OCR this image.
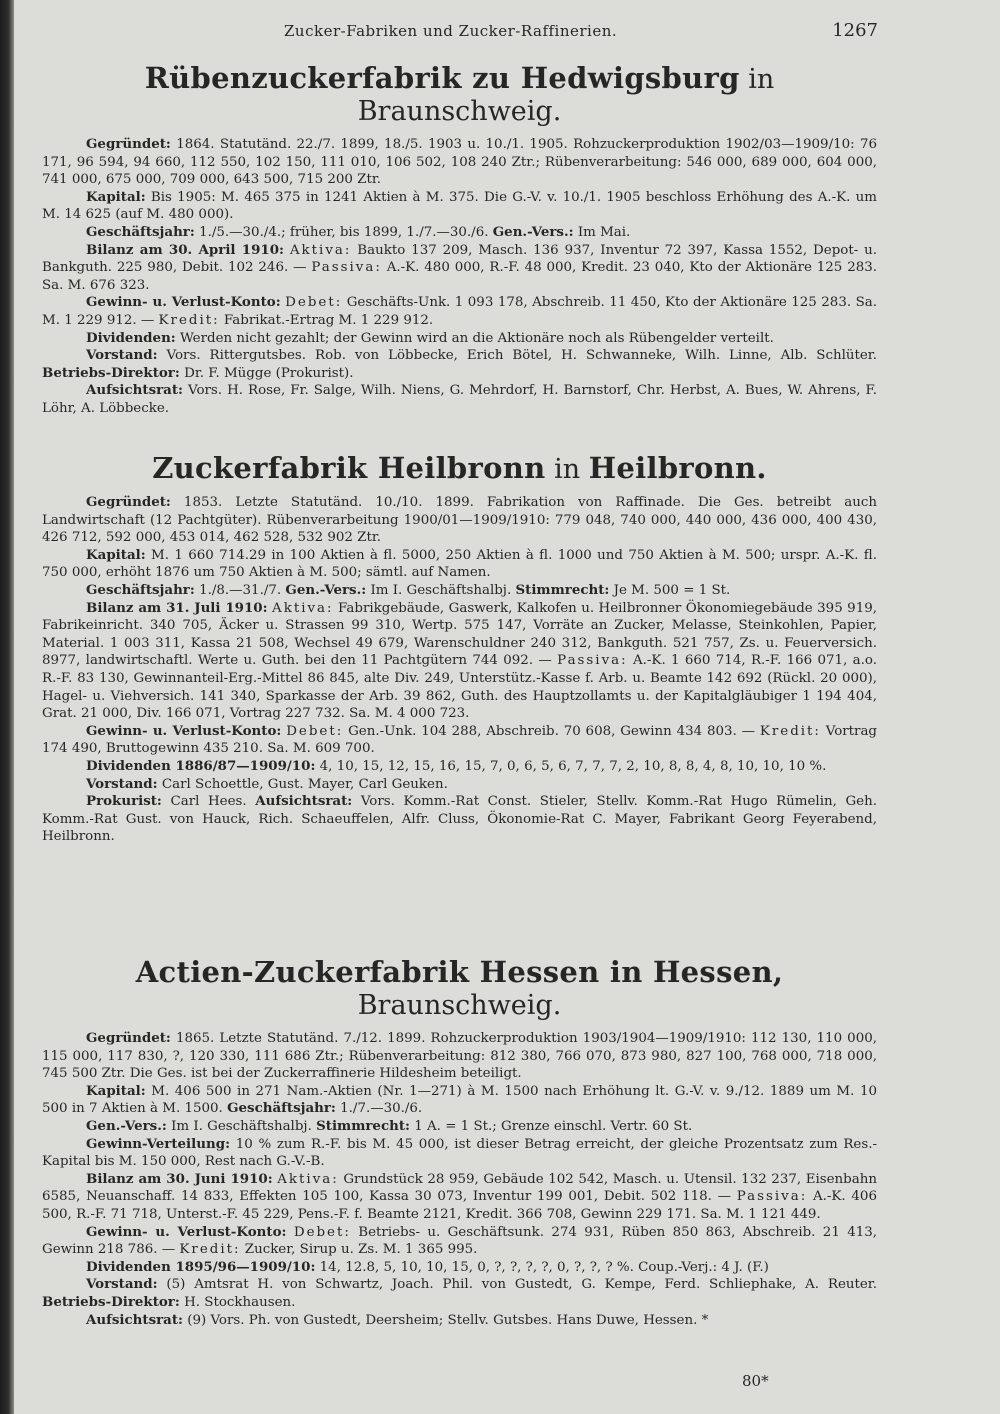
Zucker-Fabriken und Zucker-Raffinerien.	1267
Rübenzuckerfabrik zu Hedwigsburg in Braunschweig.

Gegründet: 1864. Statutänd. 22./7. 1899, 18./5. 1903 u. 10./1. 1905. Rohzuckerproduktion 1902/03—1909/10: 76 171, 96 594, 94 660, 112 550, 102 150, 111 010, 106 502, 108 240 Ztr.; Rübenverarbeitung: 546 000, 689 000, 604 000, 741 000, 675 000, 709 000, 643 500, 715 200 Ztr.

Kapital: Bis 1905: M. 465 375 in 1241 Aktien à M. 375. Die G.-V. v. 10./1. 1905 beschloss Erhöhung des A.-K. um M. 14 625 (auf M. 480 000).

Geschäftsjahr: 1./5.—30./4.; früher, bis 1899, 1./7.—30./6. Gen.-Vers.: Im Mai.

Bilanz am 30. April 1910: Aktiva: Baukto 137 209, Masch. 136 937, Inventur 72 397, Kassa 1552, Depot- u. Bankguth. 225 980, Debit. 102 246. — Passiva: A.-K. 480 000, R.-F. 48 000, Kredit. 23 040, Kto der Aktionäre 125 283. Sa. M. 676 323.

Gewinn- u. Verlust-Konto: Debet: Geschäfts-Unk. 1 093 178, Abschreib. 11 450, Kto der Aktionäre 125 283. Sa. M. 1 229 912. — Kredit: Fabrikat.-Ertrag M. 1 229 912.

Dividenden: Werden nicht gezahlt; der Gewinn wird an die Aktionäre noch als Rübengelder verteilt.

Vorstand: Vors. Rittergutsbes. Rob. von Löbbecke, Erich Bötel, H. Schwanneke, Wilh. Linne, Alb. Schlüter. Betriebs-Direktor: Dr. F. Mügge (Prokurist).

Aufsichtsrat: Vors. H. Rose, Fr. Salge, Wilh. Niens, G. Mehrdorf, H. Barnstorf, Chr. Herbst, A. Bues, W. Ahrens, F. Löhr, A. Löbbecke.

Zuckerfabrik Heilbronn in Heilbronn.

Gegründet: 1853. Letzte Statutänd. 10./10. 1899. Fabrikation von Raffinade. Die Ges. betreibt auch Landwirtschaft (12 Pachtgüter). Rübenverarbeitung 1900/01—1909/1910: 779 048, 740 000, 440 000, 436 000, 400 430, 426 712, 592 000, 453 014, 462 528, 532 902 Ztr.

Kapital: M. 1 660 714.29 in 100 Aktien à fl. 5000, 250 Aktien à fl. 1000 und 750 Aktien à M. 500; urspr. A.-K. fl. 750 000, erhöht 1876 um 750 Aktien à M. 500; sämtl. auf Namen.

Geschäftsjahr: 1./8.—31./7. Gen.-Vers.: Im I. Geschäftshalbj. Stimmrecht: Je M. 500 = 1 St.

Bilanz am 31. Juli 1910: Aktiva: Fabrikgebäude, Gaswerk, Kalkofen u. Heilbronner Ökonomiegebäude 395 919, Fabrikeinricht. 340 705, Äcker u. Strassen 99 310, Wertp. 575 147, Vorräte an Zucker, Melasse, Steinkohlen, Papier, Material. 1 003 311, Kassa 21 508, Wechsel 49 679, Warenschuldner 240 312, Bankguth. 521 757, Zs. u. Feuerversich. 8977, landwirtschaftl. Werte u. Guth. bei den 11 Pachtgütern 744 092. — Passiva: A.-K. 1 660 714, R.-F. 166 071, a.o. R.-F. 83 130, Gewinnanteil-Erg.-Mittel 86 845, alte Div. 249, Unterstütz.-Kasse f. Arb. u. Beamte 142 692 (Rückl. 20 000), Hagel- u. Viehversich. 141 340, Sparkasse der Arb. 39 862, Guth. des Hauptzollamts u. der Kapitalgläubiger 1 194 404, Grat. 21 000, Div. 166 071, Vortrag 227 732. Sa. M. 4 000 723.

Gewinn- u. Verlust-Konto: Debet: Gen.-Unk. 104 288, Abschreib. 70 608, Gewinn 434 803. — Kredit: Vortrag 174 490, Bruttogewinn 435 210. Sa. M. 609 700.

Dividenden 1886/87—1909/10: 4, 10, 15, 12, 15, 16, 15, 7, 0, 6, 5, 6, 7, 7, 7, 2, 10, 8, 8, 4, 8, 10, 10, 10 %.

Vorstand: Carl Schoettle, Gust. Mayer, Carl Geuken.

Prokurist: Carl Hees. Aufsichtsrat: Vors. Komm.-Rat Const. Stieler, Stellv. Komm.-Rat Hugo Rümelin, Geh. Komm.-Rat Gust. von Hauck, Rich. Schaeuffelen, Alfr. Cluss, Ökonomie-Rat C. Mayer, Fabrikant Georg Feyerabend, Heilbronn.

Actien-Zuckerfabrik Hessen in Hessen, Braunschweig.

Gegründet: 1865. Letzte Statutänd. 7./12. 1899. Rohzuckerproduktion 1903/1904—1909/1910: 112 130, 110 000, 115 000, 117 830, ?, 120 330, 111 686 Ztr.; Rübenverarbeitung: 812 380, 766 070, 873 980, 827 100, 768 000, 718 000, 745 500 Ztr. Die Ges. ist bei der Zuckerraffinerie Hildesheim beteiligt.

Kapital: M. 406 500 in 271 Nam.-Aktien (Nr. 1—271) à M. 1500 nach Erhöhung lt. G.-V. v. 9./12. 1889 um M. 10 500 in 7 Aktien à M. 1500. Geschäftsjahr: 1./7.—30./6.

Gen.-Vers.: Im I. Geschäftshalbj. Stimmrecht: 1 A. = 1 St.; Grenze einschl. Vertr. 60 St.

Gewinn-Verteilung: 10 % zum R.-F. bis M. 45 000, ist dieser Betrag erreicht, der gleiche Prozentsatz zum Res.-Kapital bis M. 150 000, Rest nach G.-V.-B.

Bilanz am 30. Juni 1910: Aktiva: Grundstück 28 959, Gebäude 102 542, Masch. u. Utensil. 132 237, Eisenbahn 6585, Neuanschaff. 14 833, Effekten 105 100, Kassa 30 073, Inventur 199 001, Debit. 502 118. — Passiva: A.-K. 406 500, R.-F. 71 718, Unterst.-F. 45 229, Pens.-F. f. Beamte 2121, Kredit. 366 708, Gewinn 229 171. Sa. M. 1 121 449.

Gewinn- u. Verlust-Konto: Debet: Betriebs- u. Geschäftsunk. 274 931, Rüben 850 863, Abschreib. 21 413, Gewinn 218 786. — Kredit: Zucker, Sirup u. Zs. M. 1 365 995.

Dividenden 1895/96—1909/10: 14, 12.8, 5, 10, 10, 15, 0, ?, ?, ?, ?, 0, ?, ?, ? %. Coup.-Verj.: 4 J. (F.)

Vorstand: (5) Amtsrat H. von Schwartz, Joach. Phil. von Gustedt, G. Kempe, Ferd. Schliephake, A. Reuter. Betriebs-Direktor: H. Stockhausen.

Aufsichtsrat: (9) Vors. Ph. von Gustedt, Deersheim; Stellv. Gutsbes. Hans Duwe, Hessen. *

80*
